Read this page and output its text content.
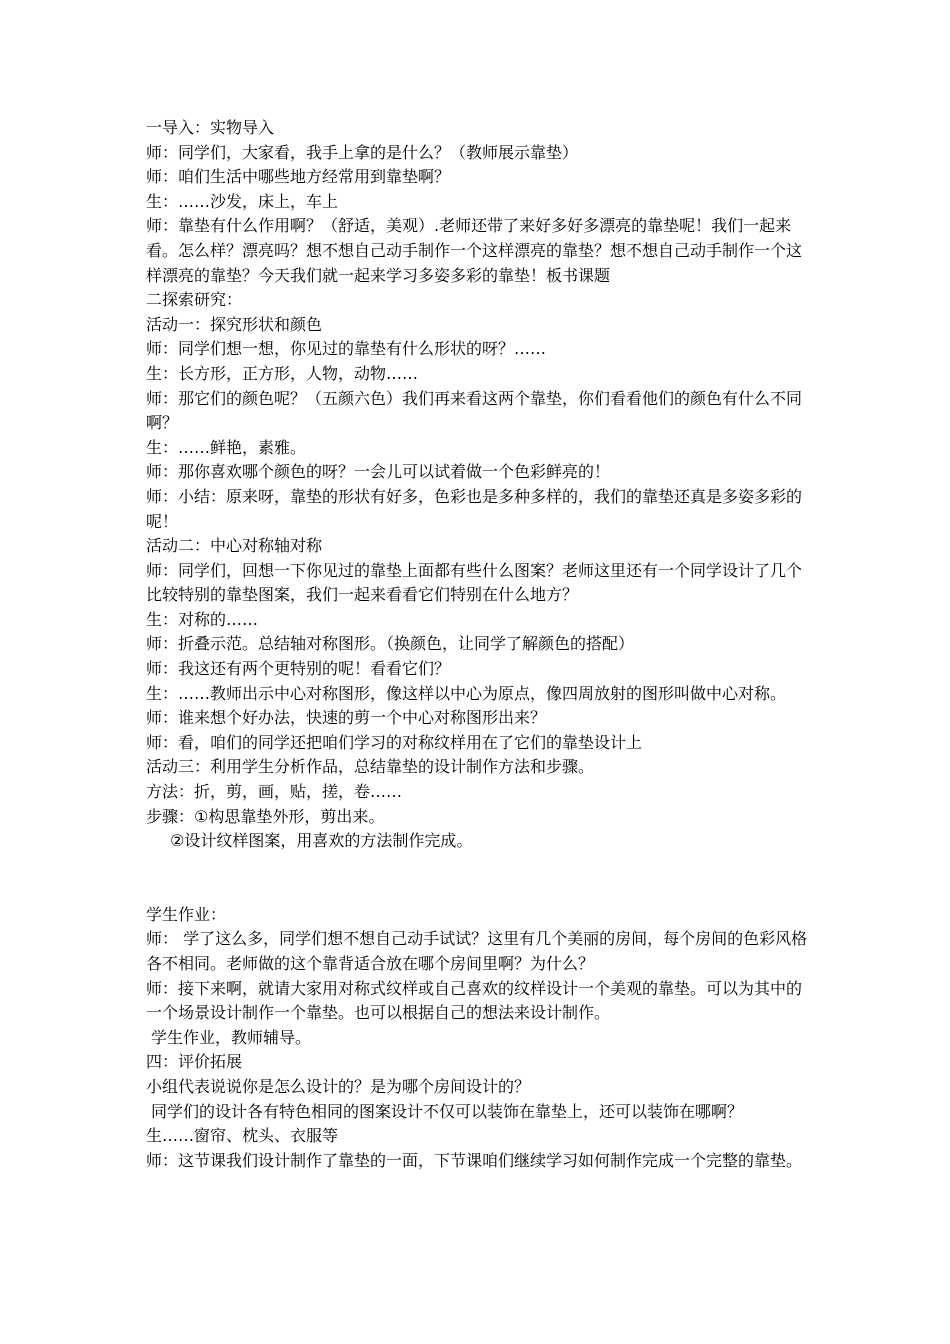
一导入：实物导入

师：同学们，大家看，我手上拿的是什么？（教师展示靠垫）

师：咱们生活中哪些地方经常用到靠垫啊？

生：……沙发，床上，车上

师：靠垫有什么作用啊？（舒适，美观）.老师还带了来好多好多漂亮的靠垫呢！我们一起来看。怎么样？漂亮吗？想不想自己动手制作一个这样漂亮的靠垫？想不想自己动手制作一个这样漂亮的靠垫？今天我们就一起来学习多姿多彩的靠垫！板书课题

二探索研究：

活动一：探究形状和颜色

师：同学们想一想，你见过的靠垫有什么形状的呀？……

生：长方形，正方形，人物，动物……

师：那它们的颜色呢？（五颜六色）我们再来看这两个靠垫，你们看看他们的颜色有什么不同啊？

生：……鲜艳，素雅。

师：那你喜欢哪个颜色的呀？一会儿可以试着做一个色彩鲜亮的！

师：小结：原来呀，靠垫的形状有好多，色彩也是多种多样的，我们的靠垫还真是多姿多彩的呢！

活动二：中心对称轴对称

师：同学们，回想一下你见过的靠垫上面都有些什么图案？老师这里还有一个同学设计了几个比较特别的靠垫图案，我们一起来看看它们特别在什么地方？

生：对称的……

师：折叠示范。总结轴对称图形。（换颜色，让同学了解颜色的搭配）

师：我这还有两个更特别的呢！看看它们？

生：……教师出示中心对称图形，像这样以中心为原点，像四周放射的图形叫做中心对称。

师：谁来想个好办法，快速的剪一个中心对称图形出来？

师：看，咱们的同学还把咱们学习的对称纹样用在了它们的靠垫设计上

活动三：利用学生分析作品，总结靠垫的设计制作方法和步骤。

方法：折，剪，画，贴，搓，卷……

步骤：①构思靠垫外形，剪出来。

②设计纹样图案，用喜欢的方法制作完成。

学生作业：

师： 学了这么多，同学们想不想自己动手试试？这里有几个美丽的房间，每个房间的色彩风格各不相同。老师做的这个靠背适合放在哪个房间里啊？为什么？

师：接下来啊，就请大家用对称式纹样或自己喜欢的纹样设计一个美观的靠垫。可以为其中的一个场景设计制作一个靠垫。也可以根据自己的想法来设计制作。

学生作业，教师辅导。

四：评价拓展

小组代表说说你是怎么设计的？是为哪个房间设计的？

同学们的设计各有特色相同的图案设计不仅可以装饰在靠垫上，还可以装饰在哪啊？

生……窗帘、枕头、衣服等

师：这节课我们设计制作了靠垫的一面，下节课咱们继续学习如何制作完成一个完整的靠垫。
